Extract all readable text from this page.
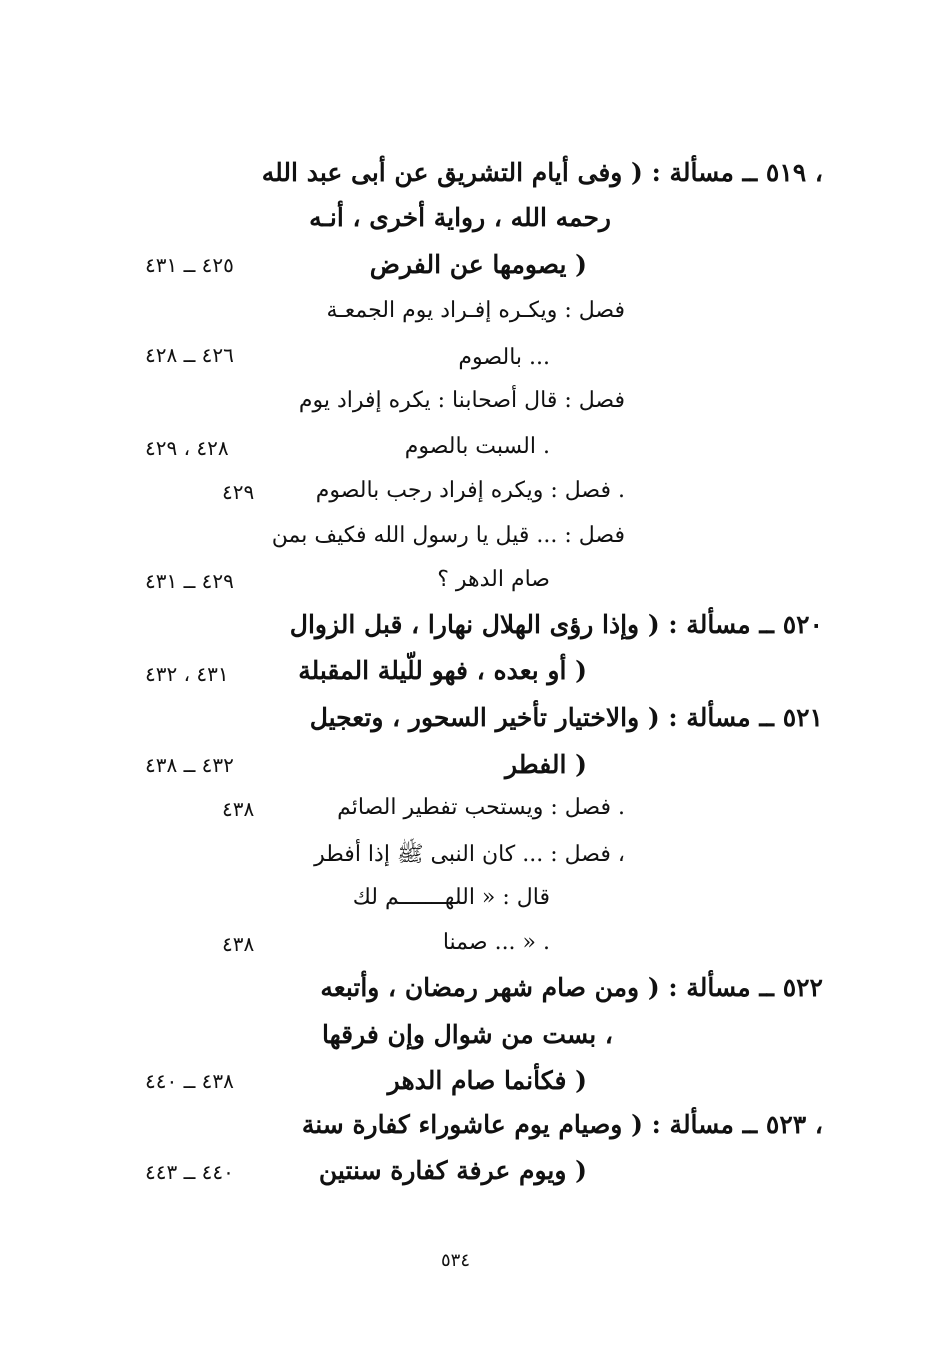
٥١٩ ــ مسألة : ( وفى أيام التشريق عن أبى عبد الله ،
رحمه الله ، رواية أخرى ، أنـه
يصومها عن الفرض )
٤٢٥ ــ ٤٣١
فصل : ويكـره إفـراد يوم الجمعـة
بالصوم ...
٤٢٦ ــ ٤٢٨
فصل : قال أصحابنا : يكره إفراد يوم
السبت بالصوم .
٤٢٨ ، ٤٢٩
فصل : ويكره إفراد رجب بالصوم .
٤٢٩
فصل : ... قيل يا رسول الله فكيف بمن
صام الدهر ؟
٤٢٩ ــ ٤٣١
٥٢٠ ــ مسألة : ( وإذا رؤى الهلال نهارا ، قبل الزوال
أو بعده ، فهو للّيلة المقبلة )
٤٣١ ، ٤٣٢
٥٢١ ــ مسألة : ( والاختيار تأخير السحور ، وتعجيل
الفطر )
٤٣٢ ــ ٤٣٨
فصل : ويستحب تفطير الصائم .
٤٣٨
فصل : ... كان النبى ﷺ إذا أفطر ،
قال : « اللهـــــــم لك
صمنا ... » .
٤٣٨
٥٢٢ ــ مسألة : ( ومن صام شهر رمضان ، وأتبعه
بست من شوال وإن فرقها ،
فكأنما صام الدهر )
٤٣٨ ــ ٤٤٠
٥٢٣ ــ مسألة : ( وصيام يوم عاشوراء كفارة سنة ،
ويوم عرفة كفارة سنتين )
٤٤٠ ــ ٤٤٣
٥٣٤
